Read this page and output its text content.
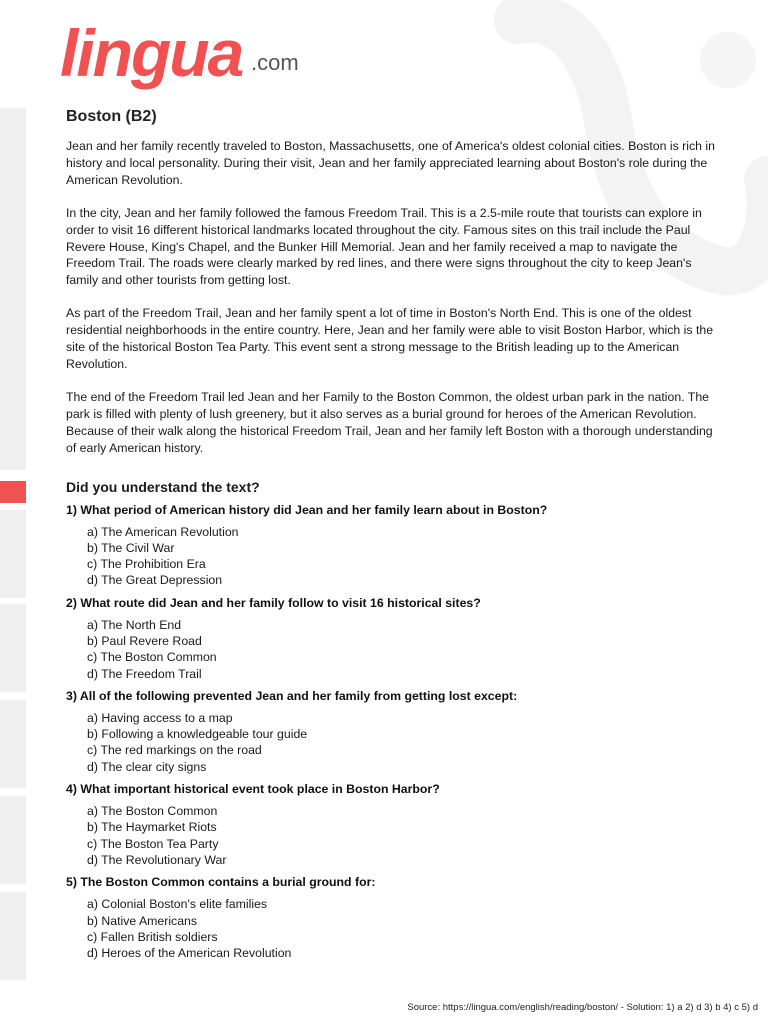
lingua .com
Boston (B2)

Jean and her family recently traveled to Boston, Massachusetts, one of America's oldest colonial cities. Boston is rich in history and local personality. During their visit, Jean and her family appreciated learning about Boston's role during the American Revolution.

In the city, Jean and her family followed the famous Freedom Trail. This is a 2.5-mile route that tourists can explore in order to visit 16 different historical landmarks located throughout the city. Famous sites on this trail include the Paul Revere House, King's Chapel, and the Bunker Hill Memorial. Jean and her family received a map to navigate the Freedom Trail. The roads were clearly marked by red lines, and there were signs throughout the city to keep Jean's family and other tourists from getting lost.

As part of the Freedom Trail, Jean and her family spent a lot of time in Boston's North End. This is one of the oldest residential neighborhoods in the entire country. Here, Jean and her family were able to visit Boston Harbor, which is the site of the historical Boston Tea Party. This event sent a strong message to the British leading up to the American Revolution.

The end of the Freedom Trail led Jean and her Family to the Boston Common, the oldest urban park in the nation. The park is filled with plenty of lush greenery, but it also serves as a burial ground for heroes of the American Revolution. Because of their walk along the historical Freedom Trail, Jean and her family left Boston with a thorough understanding of early American history.

Did you understand the text?

1) What period of American history did Jean and her family learn about in Boston?

a) The American Revolution
b) The Civil War
c) The Prohibition Era
d) The Great Depression

2) What route did Jean and her family follow to visit 16 historical sites?

a) The North End
b) Paul Revere Road
c) The Boston Common
d) The Freedom Trail

3) All of the following prevented Jean and her family from getting lost except:

a) Having access to a map
b) Following a knowledgeable tour guide
c) The red markings on the road
d) The clear city signs

4) What important historical event took place in Boston Harbor?

a) The Boston Common
b) The Haymarket Riots
c) The Boston Tea Party
d) The Revolutionary War

5) The Boston Common contains a burial ground for:

a) Colonial Boston's elite families
b) Native Americans
c) Fallen British soldiers
d) Heroes of the American Revolution
Source: https://lingua.com/english/reading/boston/ - Solution: 1) a 2) d 3) b 4) c 5) d
